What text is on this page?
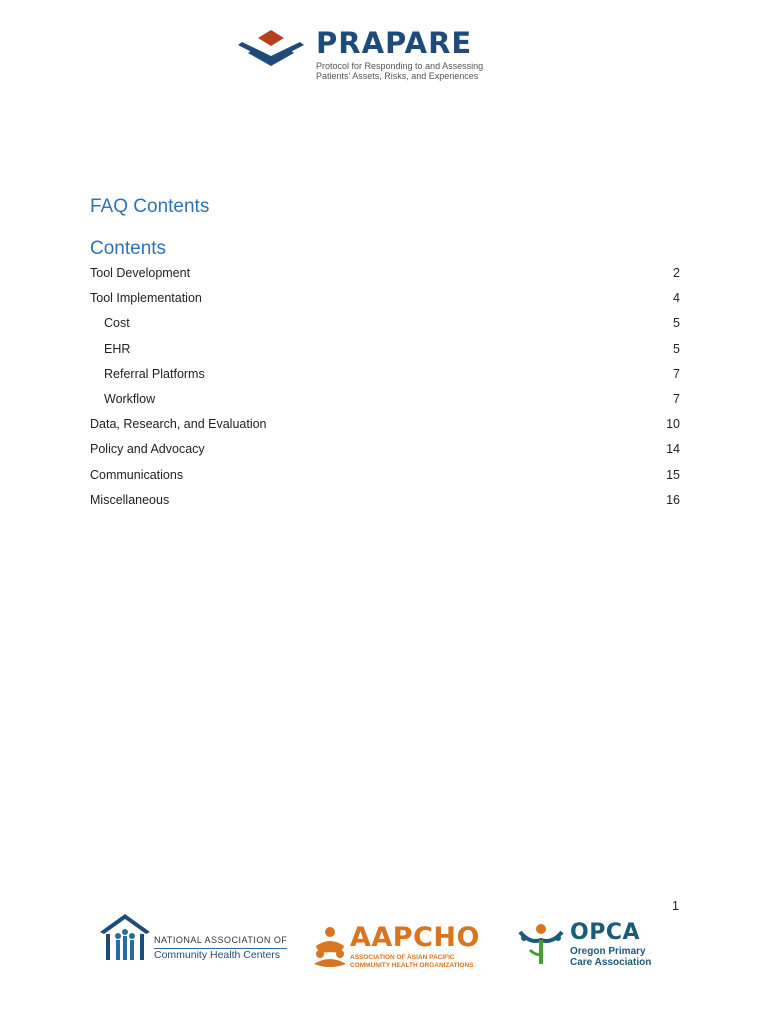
PRAPARE
Protocol for Responding to and Assessing
Patients' Assets, Risks, and Experiences
FAQ Contents
Contents
Tool Development	2
Tool Implementation	4
Cost	5
EHR	5
Referral Platforms	7
Workflow	7
Data, Research, and Evaluation	10
Policy and Advocacy	14
Communications	15
Miscellaneous	16
1
NATIONAL ASSOCIATION OF
Community Health Centers
AAPCHO
ASSOCIATION OF ASIAN PACIFIC
COMMUNITY HEALTH ORGANIZATIONS
OPCA
Oregon Primary
Care Association
